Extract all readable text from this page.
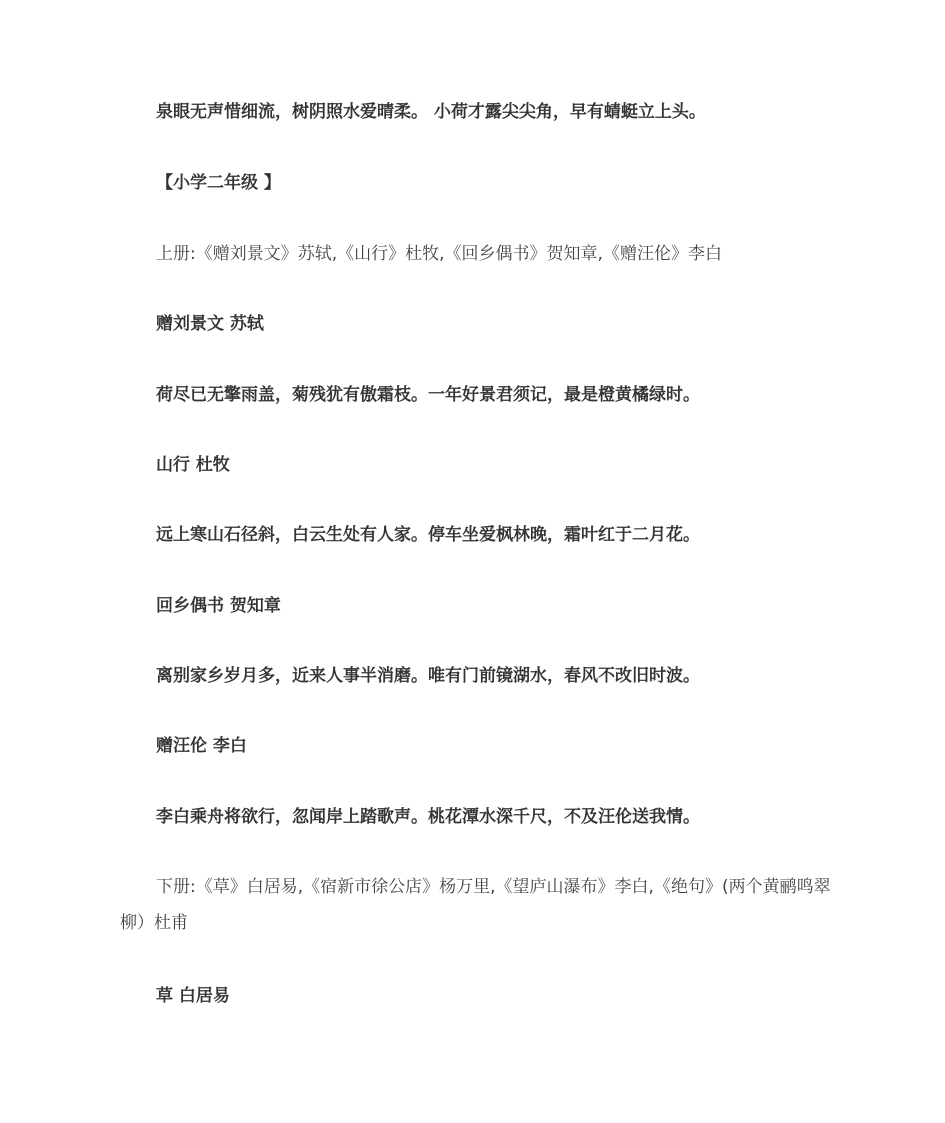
泉眼无声惜细流，树阴照水爱晴柔。 小荷才露尖尖角，早有蜻蜓立上头。
【小学二年级 】
上册:《赠刘景文》苏轼,《山行》杜牧,《回乡偶书》贺知章,《赠汪伦》李白
赠刘景文 苏轼
荷尽已无擎雨盖，菊残犹有傲霜枝。一年好景君须记，最是橙黄橘绿时。
山行 杜牧
远上寒山石径斜，白云生处有人家。停车坐爱枫林晚，霜叶红于二月花。
回乡偶书 贺知章
离别家乡岁月多，近来人事半消磨。唯有门前镜湖水，春风不改旧时波。
赠汪伦 李白
李白乘舟将欲行，忽闻岸上踏歌声。桃花潭水深千尺，不及汪伦送我情。
下册:《草》白居易,《宿新市徐公店》杨万里,《望庐山瀑布》李白,《绝句》(两个黄鹂鸣翠柳）杜甫
草 白居易
